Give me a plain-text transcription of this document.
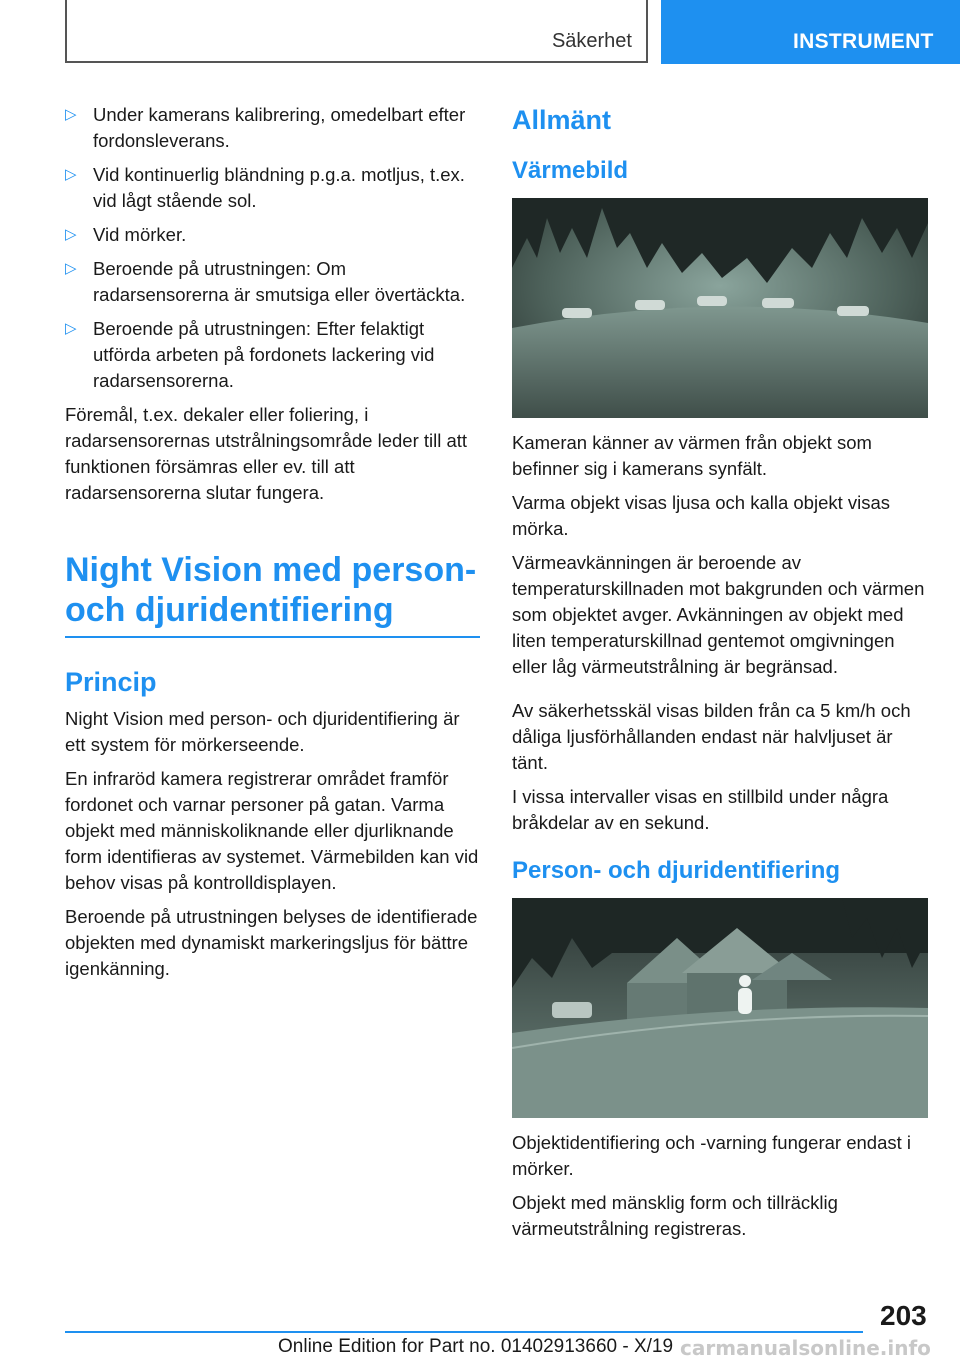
Säkerhet	INSTRUMENT
▷ Under kamerans kalibrering, omedelbart efter fordonsleverans.
▷ Vid kontinuerlig bländning p.g.a. motljus, t.ex. vid lågt stående sol.
▷ Vid mörker.
▷ Beroende på utrustningen: Om radarsensorerna är smutsiga eller övertäckta.
▷ Beroende på utrustningen: Efter felaktigt utförda arbeten på fordonets lackering vid radarsensorerna.

Föremål, t.ex. dekaler eller foliering, i radarsensorernas utstrålningsområde leder till att funktionen försämras eller ev. till att radarsensorerna slutar fungera.

Night Vision med person- och djuridentifiering
Princip

Night Vision med person- och djuridentifiering är ett system för mörkerseende.

En infraröd kamera registrerar området framför fordonet och varnar personer på gatan. Varma objekt med människoliknande eller djurliknande form identifieras av systemet. Värmebilden kan vid behov visas på kontrolldisplayen.

Beroende på utrustningen belyses de identifierade objekten med dynamiskt markeringsljus för bättre igenkänning.

Allmänt
Värmebild

Kameran känner av värmen från objekt som befinner sig i kamerans synfält.

Varma objekt visas ljusa och kalla objekt visas mörka.

Värmeavkänningen är beroende av temperaturskillnaden mot bakgrunden och värmen som objektet avger. Avkänningen av objekt med liten temperaturskillnad gentemot omgivningen eller låg värmeutstrålning är begränsad.

Av säkerhetsskäl visas bilden från ca 5 km/h och dåliga ljusförhållanden endast när halvljuset är tänt.

I vissa intervaller visas en stillbild under några bråkdelar av en sekund.

Person- och djuridentifiering

Objektidentifiering och -varning fungerar endast i mörker.

Objekt med mänsklig form och tillräcklig värmeutstrålning registreras.

203
Online Edition for Part no. 01402913660 - X/19 carmanualsonline.info
